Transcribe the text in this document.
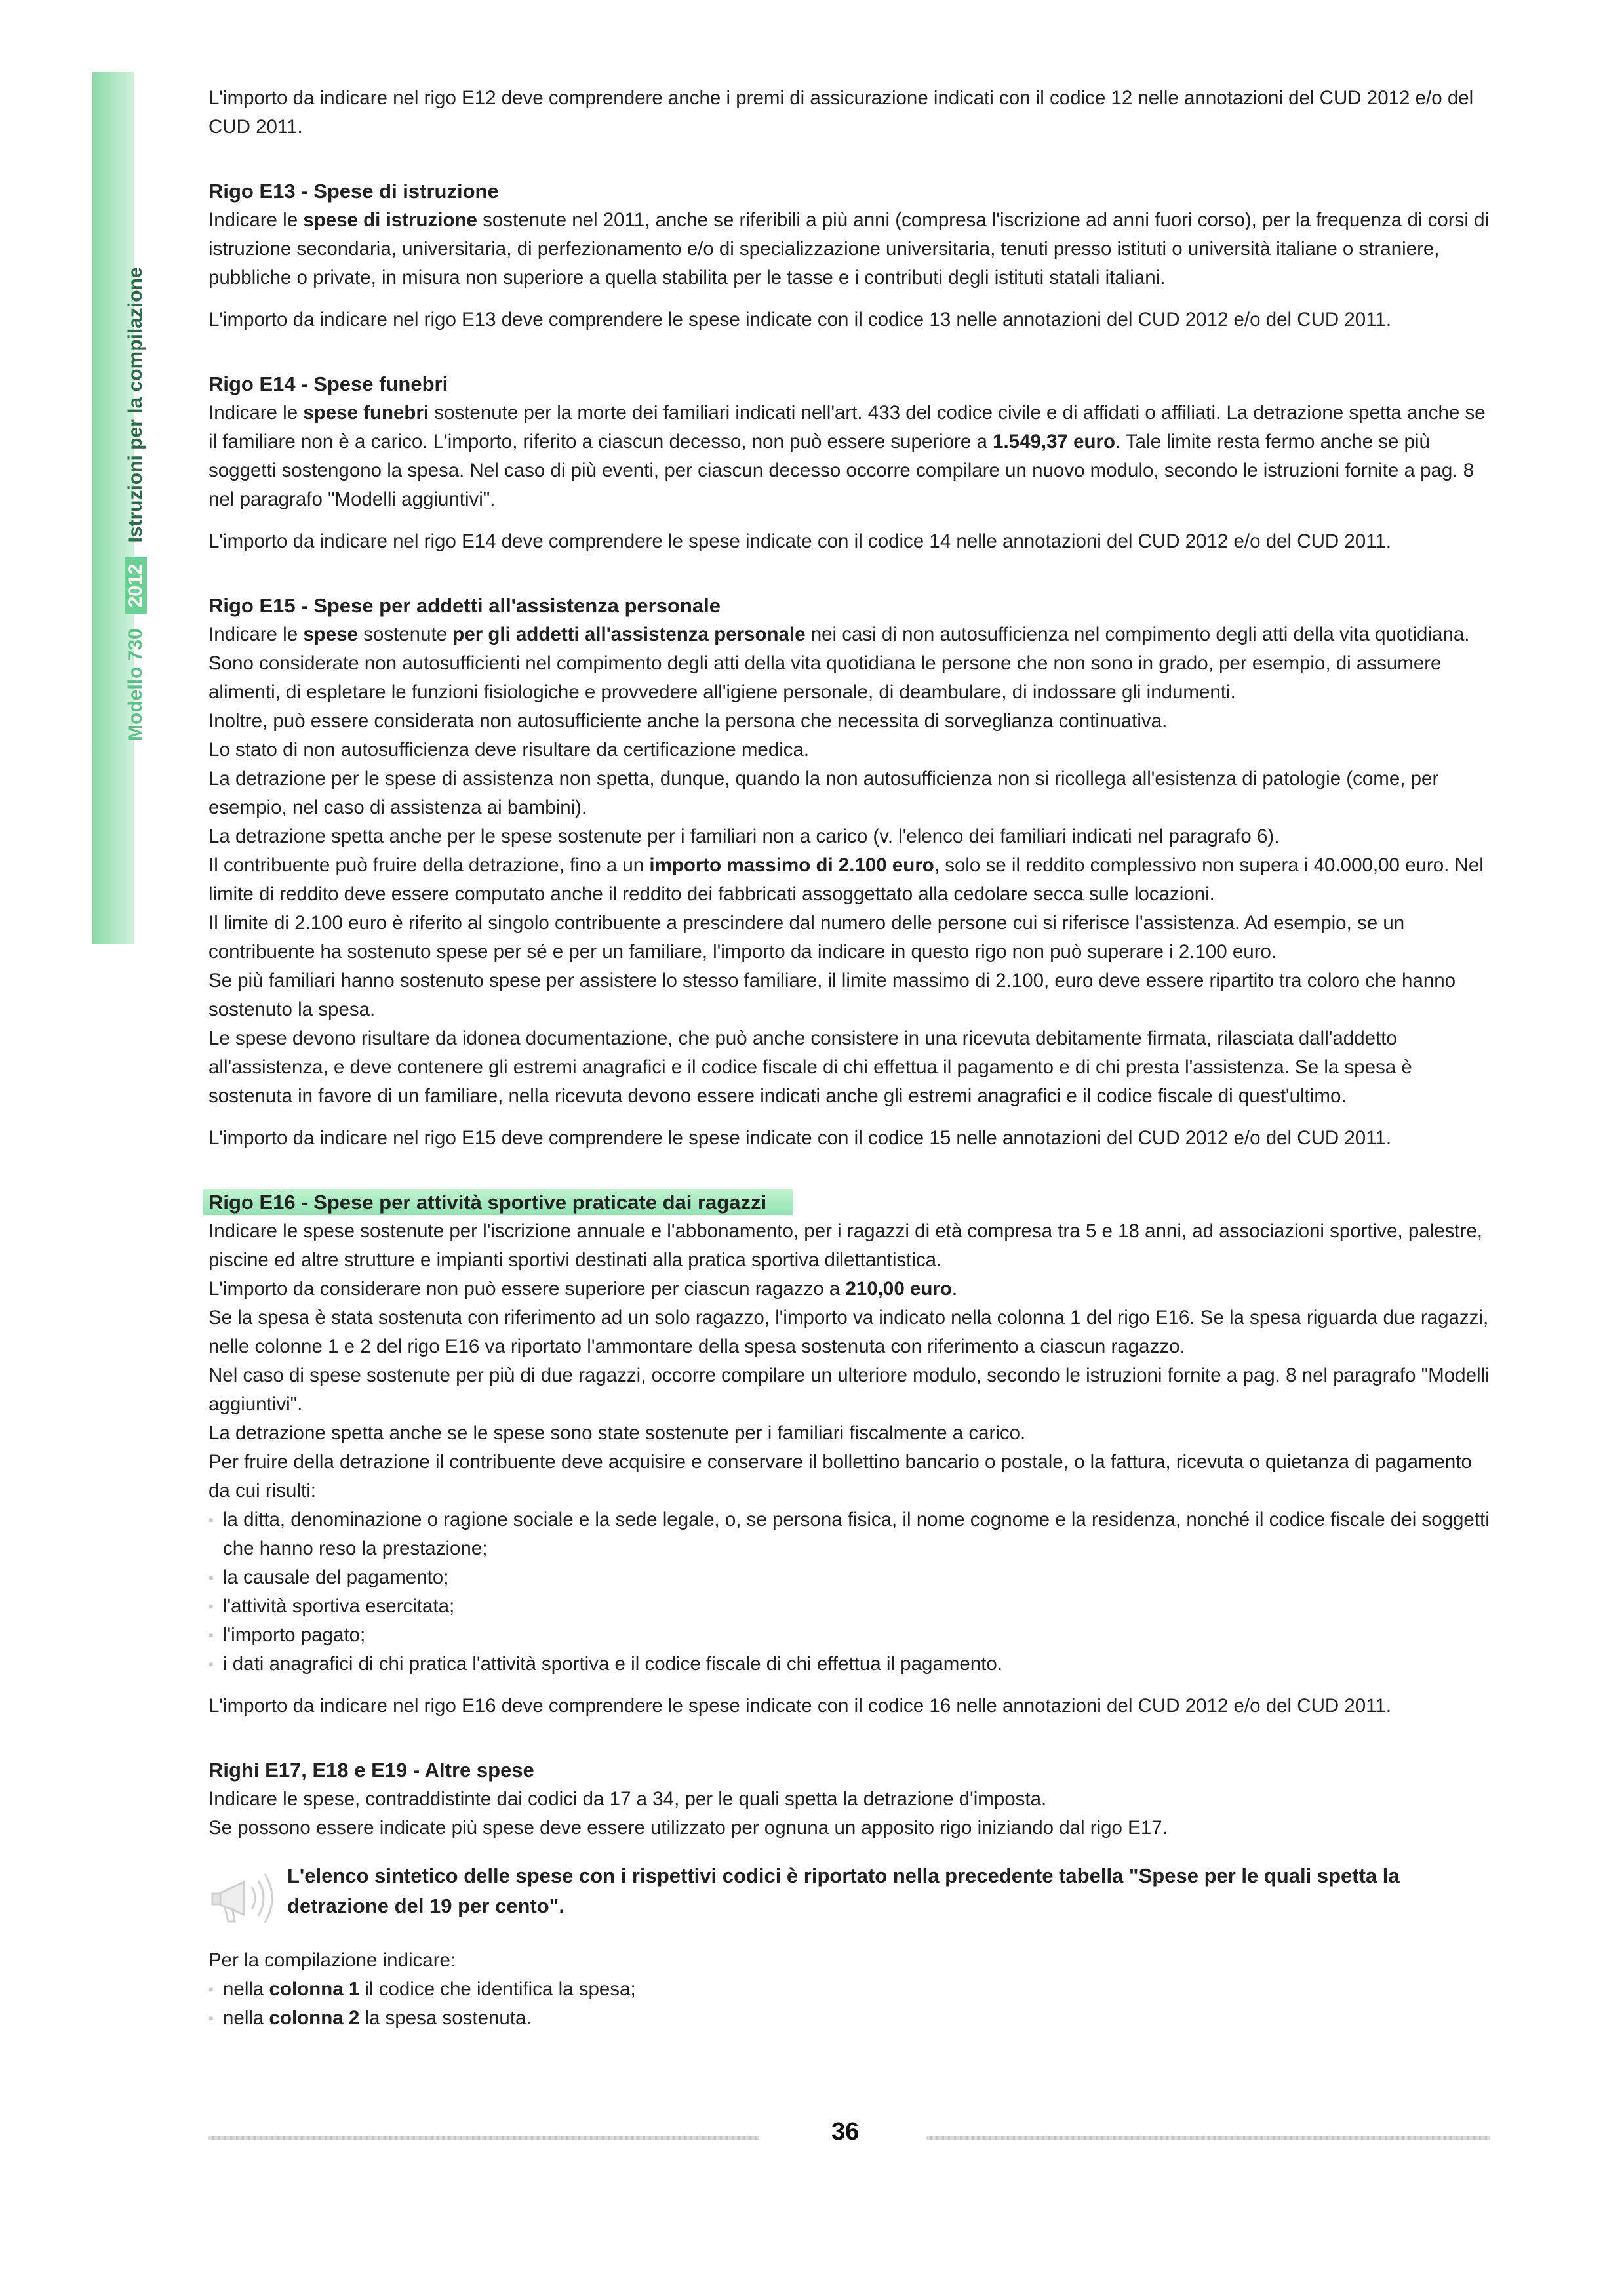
Modello 730
2012
Istruzioni per la compilazione

L'importo da indicare nel rigo E12 deve comprendere anche i premi di assicurazione indicati con il codice 12 nelle annotazioni del CUD 2012 e/o del CUD 2011.

Rigo E13 - Spese di istruzione

Indicare le spese di istruzione sostenute nel 2011, anche se riferibili a più anni (compresa l'iscrizione ad anni fuori corso), per la frequenza di corsi di istruzione secondaria, universitaria, di perfezionamento e/o di specializzazione universitaria, tenuti presso istituti o università italiane o straniere, pubbliche o private, in misura non superiore a quella stabilita per le tasse e i contributi degli istituti statali italiani.

L'importo da indicare nel rigo E13 deve comprendere le spese indicate con il codice 13 nelle annotazioni del CUD 2012 e/o del CUD 2011.

Rigo E14 - Spese funebri

Indicare le spese funebri sostenute per la morte dei familiari indicati nell'art. 433 del codice civile e di affidati o affiliati. La detrazione spetta anche se il familiare non è a carico. L'importo, riferito a ciascun decesso, non può essere superiore a 1.549,37 euro. Tale limite resta fermo anche se più soggetti sostengono la spesa. Nel caso di più eventi, per ciascun decesso occorre compilare un nuovo modulo, secondo le istruzioni fornite a pag. 8 nel paragrafo "Modelli aggiuntivi".

L'importo da indicare nel rigo E14 deve comprendere le spese indicate con il codice 14 nelle annotazioni del CUD 2012 e/o del CUD 2011.

Rigo E15 - Spese per addetti all'assistenza personale

Indicare le spese sostenute per gli addetti all'assistenza personale nei casi di non autosufficienza nel compimento degli atti della vita quotidiana.

Sono considerate non autosufficienti nel compimento degli atti della vita quotidiana le persone che non sono in grado, per esempio, di assumere alimenti, di espletare le funzioni fisiologiche e provvedere all'igiene personale, di deambulare, di indossare gli indumenti.

Inoltre, può essere considerata non autosufficiente anche la persona che necessita di sorveglianza continuativa.

Lo stato di non autosufficienza deve risultare da certificazione medica.

La detrazione per le spese di assistenza non spetta, dunque, quando la non autosufficienza non si ricollega all'esistenza di patologie (come, per esempio, nel caso di assistenza ai bambini).

La detrazione spetta anche per le spese sostenute per i familiari non a carico (v. l'elenco dei familiari indicati nel paragrafo 6).

Il contribuente può fruire della detrazione, fino a un importo massimo di 2.100 euro, solo se il reddito complessivo non supera i 40.000,00 euro. Nel limite di reddito deve essere computato anche il reddito dei fabbricati assoggettato alla cedolare secca sulle locazioni.

Il limite di 2.100 euro è riferito al singolo contribuente a prescindere dal numero delle persone cui si riferisce l'assistenza. Ad esempio, se un contribuente ha sostenuto spese per sé e per un familiare, l'importo da indicare in questo rigo non può superare i 2.100 euro.

Se più familiari hanno sostenuto spese per assistere lo stesso familiare, il limite massimo di 2.100, euro deve essere ripartito tra coloro che hanno sostenuto la spesa.

Le spese devono risultare da idonea documentazione, che può anche consistere in una ricevuta debitamente firmata, rilasciata dall'addetto all'assistenza, e deve contenere gli estremi anagrafici e il codice fiscale di chi effettua il pagamento e di chi presta l'assistenza. Se la spesa è sostenuta in favore di un familiare, nella ricevuta devono essere indicati anche gli estremi anagrafici e il codice fiscale di quest'ultimo.

L'importo da indicare nel rigo E15 deve comprendere le spese indicate con il codice 15 nelle annotazioni del CUD 2012 e/o del CUD 2011.

Rigo E16 - Spese per attività sportive praticate dai ragazzi

Indicare le spese sostenute per l'iscrizione annuale e l'abbonamento, per i ragazzi di età compresa tra 5 e 18 anni, ad associazioni sportive, palestre, piscine ed altre strutture e impianti sportivi destinati alla pratica sportiva dilettantistica.

L'importo da considerare non può essere superiore per ciascun ragazzo a 210,00 euro.

Se la spesa è stata sostenuta con riferimento ad un solo ragazzo, l'importo va indicato nella colonna 1 del rigo E16. Se la spesa riguarda due ragazzi, nelle colonne 1 e 2 del rigo E16 va riportato l'ammontare della spesa sostenuta con riferimento a ciascun ragazzo.

Nel caso di spese sostenute per più di due ragazzi, occorre compilare un ulteriore modulo, secondo le istruzioni fornite a pag. 8 nel paragrafo "Modelli aggiuntivi".

La detrazione spetta anche se le spese sono state sostenute per i familiari fiscalmente a carico.

Per fruire della detrazione il contribuente deve acquisire e conservare il bollettino bancario o postale, o la fattura, ricevuta o quietanza di pagamento da cui risulti:

▪ la ditta, denominazione o ragione sociale e la sede legale, o, se persona fisica, il nome cognome e la residenza, nonché il codice fiscale dei soggetti che hanno reso la prestazione;
▪ la causale del pagamento;
▪ l'attività sportiva esercitata;
▪ l'importo pagato;
▪ i dati anagrafici di chi pratica l'attività sportiva e il codice fiscale di chi effettua il pagamento.

L'importo da indicare nel rigo E16 deve comprendere le spese indicate con il codice 16 nelle annotazioni del CUD 2012 e/o del CUD 2011.

Righi E17, E18 e E19 - Altre spese

Indicare le spese, contraddistinte dai codici da 17 a 34, per le quali spetta la detrazione d'imposta.

Se possono essere indicate più spese deve essere utilizzato per ognuna un apposito rigo iniziando dal rigo E17.

L'elenco sintetico delle spese con i rispettivi codici è riportato nella precedente tabella "Spese per le quali spetta la detrazione del 19 per cento".

Per la compilazione indicare:

▪ nella colonna 1 il codice che identifica la spesa;
▪ nella colonna 2 la spesa sostenuta.
36
